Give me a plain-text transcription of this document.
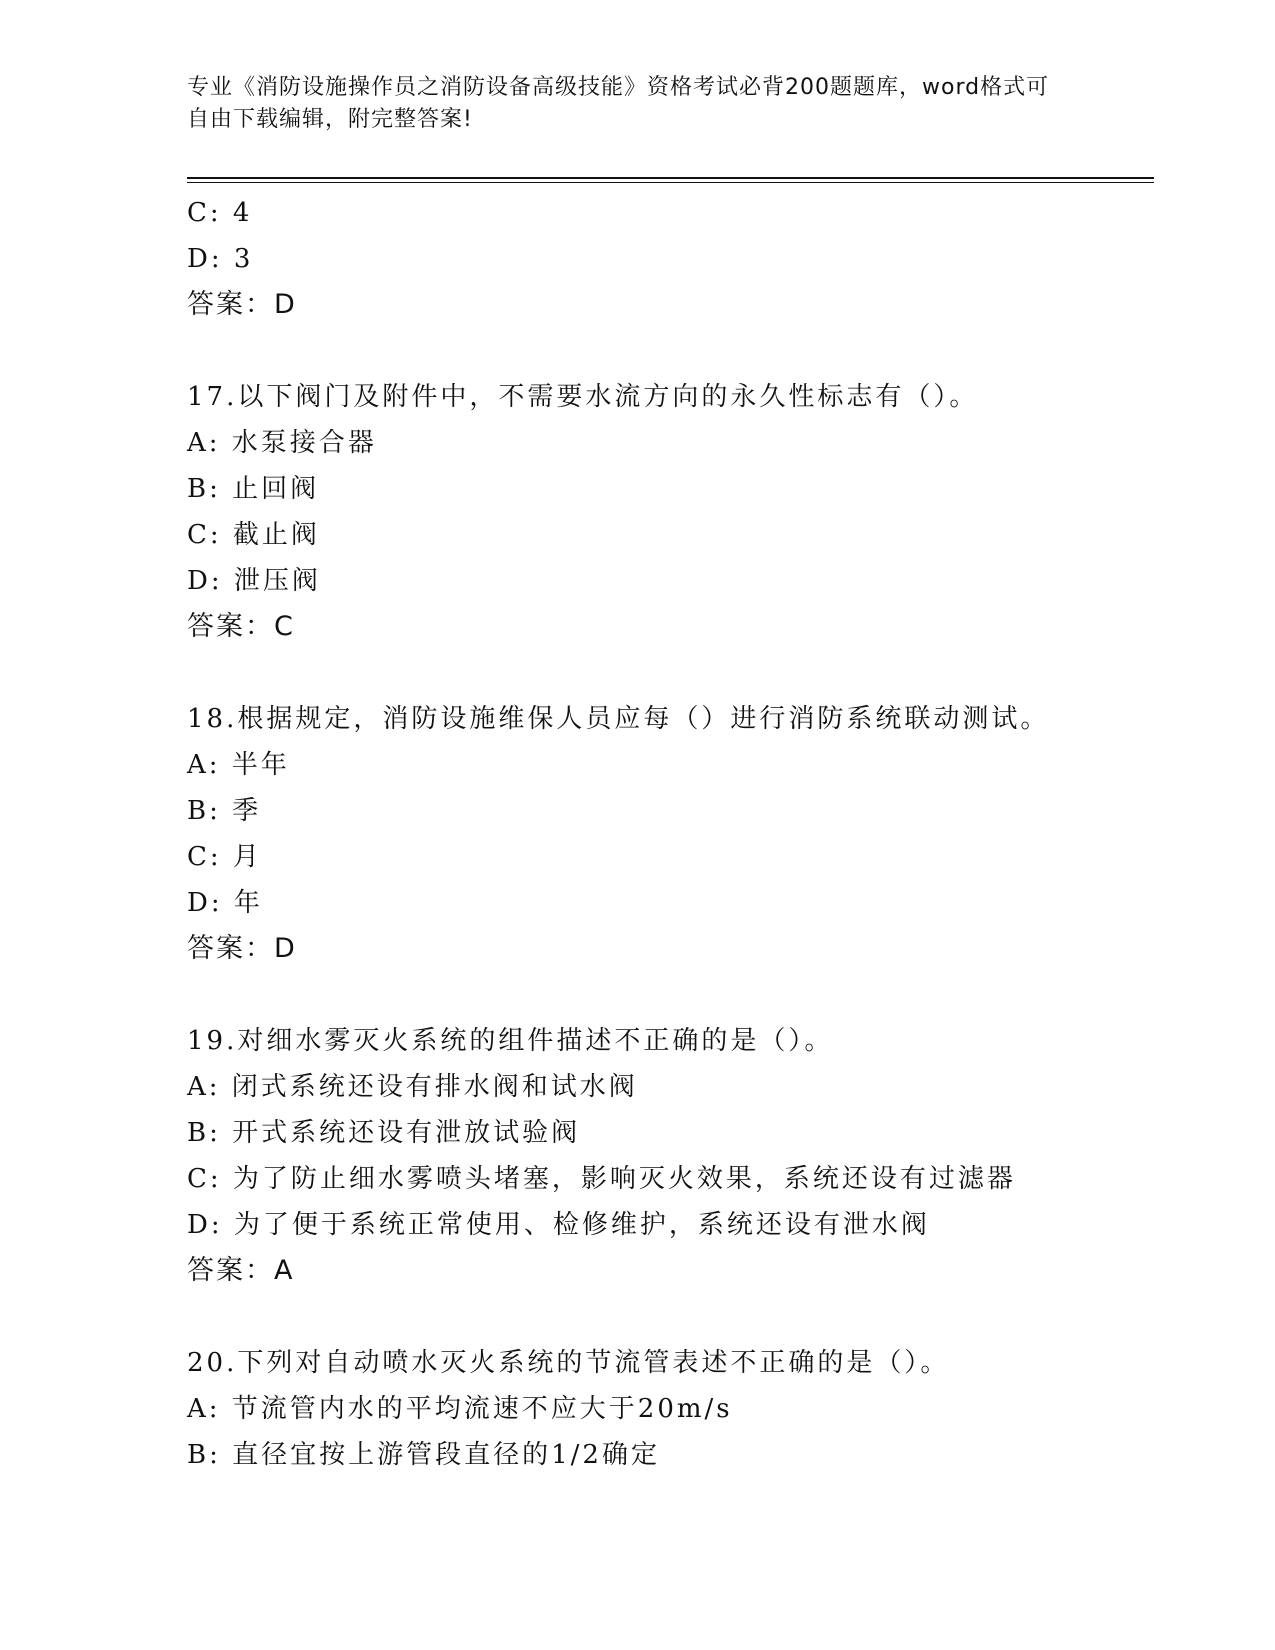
专业《消防设施操作员之消防设备高级技能》资格考试必背200题题库，word格式可自由下载编辑，附完整答案!
C: 4
D: 3
答案：D
17.以下阀门及附件中，不需要水流方向的永久性标志有（）。
A: 水泵接合器
B: 止回阀
C: 截止阀
D: 泄压阀
答案：C
18.根据规定，消防设施维保人员应每（）进行消防系统联动测试。
A: 半年
B: 季
C: 月
D: 年
答案：D
19.对细水雾灭火系统的组件描述不正确的是（）。
A: 闭式系统还设有排水阀和试水阀
B: 开式系统还设有泄放试验阀
C: 为了防止细水雾喷头堵塞，影响灭火效果，系统还设有过滤器
D: 为了便于系统正常使用、检修维护，系统还设有泄水阀
答案：A
20.下列对自动喷水灭火系统的节流管表述不正确的是（）。
A: 节流管内水的平均流速不应大于20m/s
B: 直径宜按上游管段直径的1/2确定
